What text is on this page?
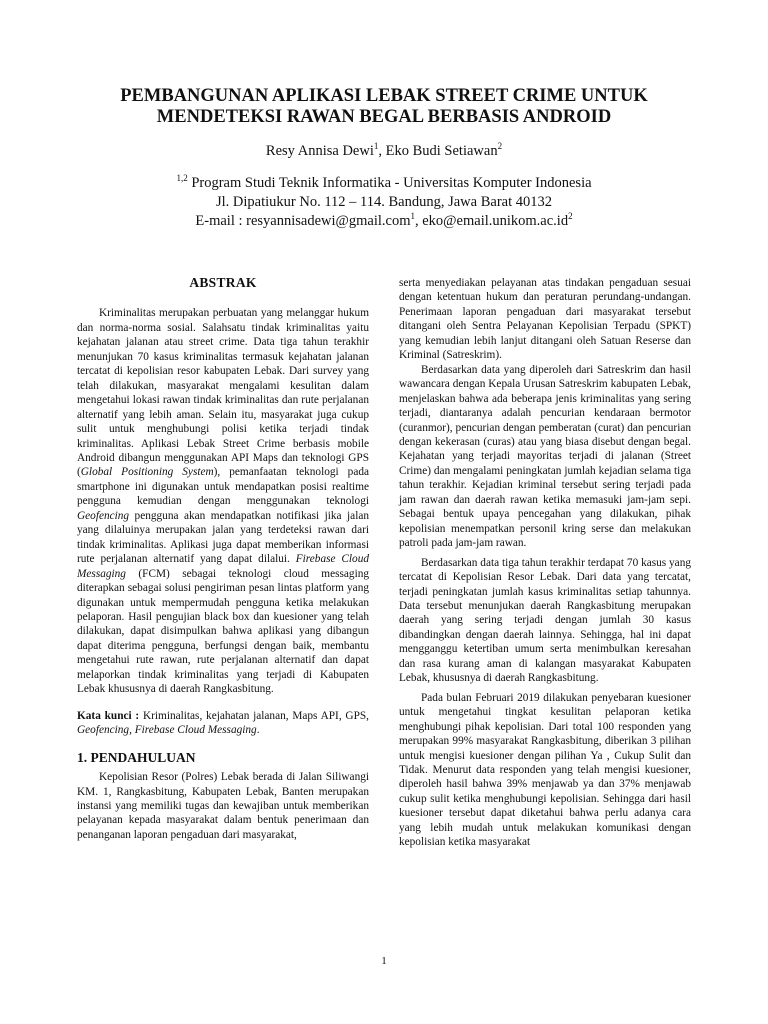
PEMBANGUNAN APLIKASI LEBAK STREET CRIME UNTUK
MENDETEKSI RAWAN BEGAL BERBASIS ANDROID
Resy Annisa Dewi$^1$, Eko Budi Setiawan$^2$
$^{1,2}$ Program Studi Teknik Informatika - Universitas Komputer Indonesia
Jl. Dipatiukur No. 112 – 114. Bandung, Jawa Barat 40132
E-mail : resyannisadewi@gmail.com$^1$, $eko@email.unikom.ac.id^2$
ABSTRAK

Kriminalitas merupakan perbuatan yang melanggar hukum dan norma-norma sosial. Salahsatu tindak kriminalitas yaitu kejahatan jalanan atau street crime. Data tiga tahun terakhir menunjukan 70 kasus kriminalitas termasuk kejahatan jalanan tercatat di kepolisian resor kabupaten Lebak. Dari survey yang telah dilakukan, masyarakat mengalami kesulitan dalam mengetahui lokasi rawan tindak kriminalitas dan rute perjalanan alternatif yang lebih aman. Selain itu, masyarakat juga cukup sulit untuk menghubungi polisi ketika terjadi tindak kriminalitas. Aplikasi Lebak Street Crime berbasis mobile Android dibangun menggunakan API Maps dan teknologi GPS (Global Positioning System), pemanfaatan teknologi pada smartphone ini digunakan untuk mendapatkan posisi realtime pengguna kemudian dengan menggunakan teknologi Geofencing pengguna akan mendapatkan notifikasi jika jalan yang dilaluinya merupakan jalan yang terdeteksi rawan dari tindak kriminalitas. Aplikasi juga dapat memberikan informasi rute perjalanan alternatif yang dapat dilalui. Firebase Cloud Messaging (FCM) sebagai teknologi cloud messaging diterapkan sebagai solusi pengiriman pesan lintas platform yang digunakan untuk mempermudah pengguna ketika melakukan pelaporan. Hasil pengujian black box dan kuesioner yang telah dilakukan, dapat disimpulkan bahwa aplikasi yang dibangun dapat diterima pengguna, berfungsi dengan baik, membantu mengetahui rute rawan, rute perjalanan alternatif dan dapat melaporkan tindak kriminalitas yang terjadi di Kabupaten Lebak khususnya di daerah Rangkasbitung.

Kata kunci : Kriminalitas, kejahatan jalanan, Maps API, GPS, Geofencing, Firebase Cloud Messaging.

1. PENDAHULUAN

Kepolisian Resor (Polres) Lebak berada di Jalan Siliwangi KM. 1, Rangkasbitung, Kabupaten Lebak, Banten merupakan instansi yang memiliki tugas dan kewajiban untuk memberikan pelayanan kepada masyarakat dalam bentuk penerimaan dan penanganan laporan pengaduan dari masyarakat,

serta menyediakan pelayanan atas tindakan pengaduan sesuai dengan ketentuan hukum dan peraturan perundang-undangan. Penerimaan laporan pengaduan dari masyarakat tersebut ditangani oleh Sentra Pelayanan Kepolisian Terpadu (SPKT) yang kemudian lebih lanjut ditangani oleh Satuan Reserse dan Kriminal (Satreskrim).

Berdasarkan data yang diperoleh dari Satreskrim dan hasil wawancara dengan Kepala Urusan Satreskrim kabupaten Lebak, menjelaskan bahwa ada beberapa jenis kriminalitas yang sering terjadi, diantaranya adalah pencurian kendaraan bermotor (curanmor), pencurian dengan pemberatan (curat) dan pencurian dengan kekerasan (curas) atau yang biasa disebut dengan begal. Kejahatan yang terjadi mayoritas terjadi di jalanan (Street Crime) dan mengalami peningkatan jumlah kejadian selama tiga tahun terakhir. Kejadian kriminal tersebut sering terjadi pada jam rawan dan daerah rawan ketika memasuki jam-jam sepi. Sebagai bentuk upaya pencegahan yang dilakukan, pihak kepolisian menempatkan personil kring serse dan melakukan patroli pada jam-jam rawan.

Berdasarkan data tiga tahun terakhir terdapat 70 kasus yang tercatat di Kepolisian Resor Lebak. Dari data yang tercatat, terjadi peningkatan jumlah kasus kriminalitas setiap tahunnya. Data tersebut menunjukan daerah Rangkasbitung merupakan daerah yang sering terjadi dengan jumlah 30 kasus dibandingkan dengan daerah lainnya. Sehingga, hal ini dapat mengganggu ketertiban umum serta menimbulkan keresahan dan rasa kurang aman di kalangan masyarakat Kabupaten Lebak, khususnya di daerah Rangkasbitung.

Pada bulan Februari 2019 dilakukan penyebaran kuesioner untuk mengetahui tingkat kesulitan pelaporan ketika menghubungi pihak kepolisian. Dari total 100 responden yang merupakan 99% masyarakat Rangkasbitung, diberikan 3 pilihan untuk mengisi kuesioner dengan pilihan Ya , Cukup Sulit dan Tidak. Menurut data responden yang telah mengisi kuesioner, diperoleh hasil bahwa 39% menjawab ya dan 37% menjawab cukup sulit ketika menghubungi kepolisian. Sehingga dari hasil kuesioner tersebut dapat diketahui bahwa perlu adanya cara yang lebih mudah untuk melakukan komunikasi dengan kepolisian ketika masyarakat

1
